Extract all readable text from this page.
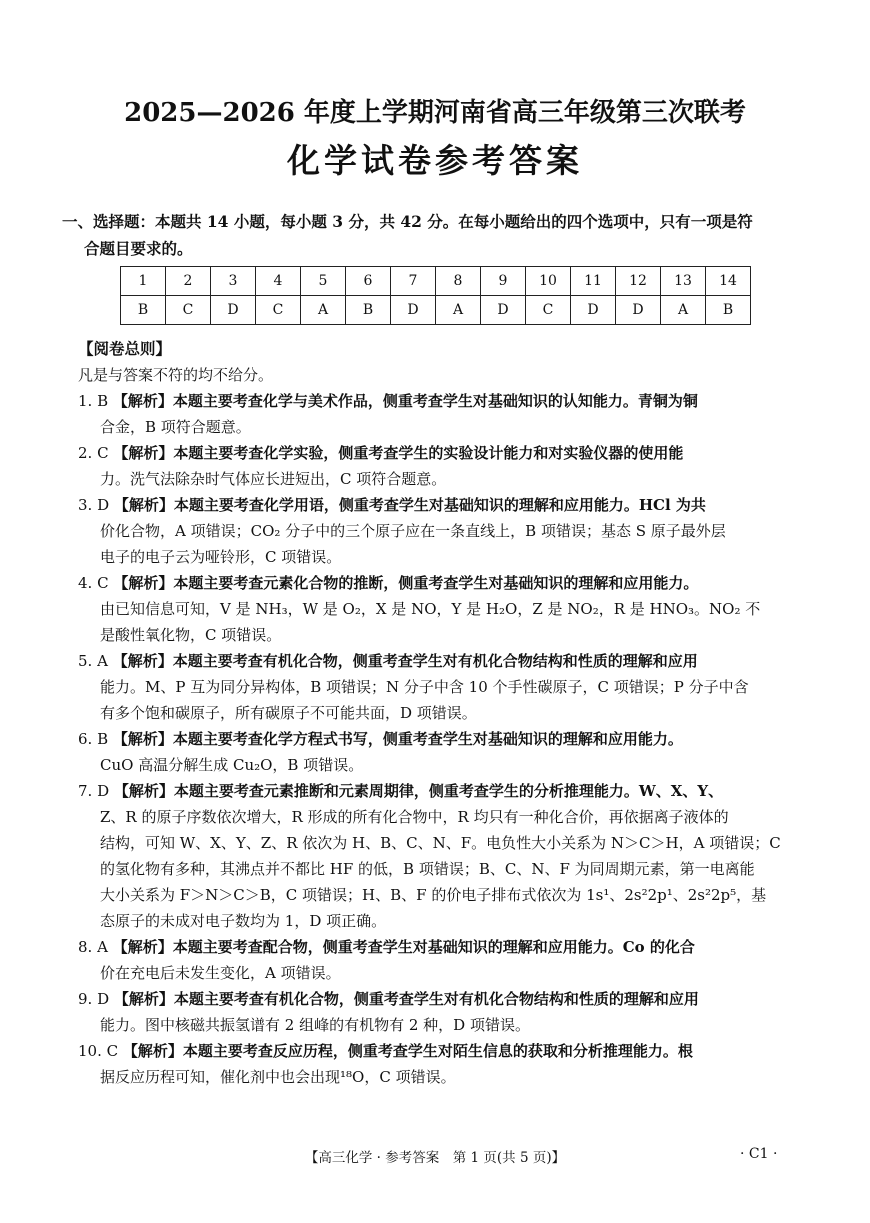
2025—2026 年度上学期河南省高三年级第三次联考
化学试卷参考答案
一、选择题：本题共 14 小题，每小题 3 分，共 42 分。在每小题给出的四个选项中，只有一项是符
合题目要求的。
1	2	3	4	5	6	7	8	9	10	11	12	13	14
B	C	D	C	A	B	D	A	D	C	D	D	A	B
【阅卷总则】
凡是与答案不符的均不给分。
1. B 【解析】本题主要考查化学与美术作品，侧重考查学生对基础知识的认知能力。青铜为铜
合金，B 项符合题意。
2. C 【解析】本题主要考查化学实验，侧重考查学生的实验设计能力和对实验仪器的使用能
力。洗气法除杂时气体应长进短出，C 项符合题意。
3. D 【解析】本题主要考查化学用语，侧重考查学生对基础知识的理解和应用能力。HCl 为共
价化合物，A 项错误；CO₂ 分子中的三个原子应在一条直线上，B 项错误；基态 S 原子最外层
电子的电子云为哑铃形，C 项错误。
4. C 【解析】本题主要考查元素化合物的推断，侧重考查学生对基础知识的理解和应用能力。
由已知信息可知，V 是 NH₃，W 是 O₂，X 是 NO，Y 是 H₂O，Z 是 NO₂，R 是 HNO₃。NO₂ 不
是酸性氧化物，C 项错误。
5. A 【解析】本题主要考查有机化合物，侧重考查学生对有机化合物结构和性质的理解和应用
能力。M、P 互为同分异构体，B 项错误；N 分子中含 10 个手性碳原子，C 项错误；P 分子中含
有多个饱和碳原子，所有碳原子不可能共面，D 项错误。
6. B 【解析】本题主要考查化学方程式书写，侧重考查学生对基础知识的理解和应用能力。
CuO 高温分解生成 Cu₂O，B 项错误。
7. D 【解析】本题主要考查元素推断和元素周期律，侧重考查学生的分析推理能力。W、X、Y、
Z、R 的原子序数依次增大，R 形成的所有化合物中，R 均只有一种化合价，再依据离子液体的
结构，可知 W、X、Y、Z、R 依次为 H、B、C、N、F。电负性大小关系为 N＞C＞H，A 项错误；C
的氢化物有多种，其沸点并不都比 HF 的低，B 项错误；B、C、N、F 为同周期元素，第一电离能
大小关系为 F＞N＞C＞B，C 项错误；H、B、F 的价电子排布式依次为 1s¹、2s²2p¹、2s²2p⁵，基
态原子的未成对电子数均为 1，D 项正确。
8. A 【解析】本题主要考查配合物，侧重考查学生对基础知识的理解和应用能力。Co 的化合
价在充电后未发生变化，A 项错误。
9. D 【解析】本题主要考查有机化合物，侧重考查学生对有机化合物结构和性质的理解和应用
能力。图中核磁共振氢谱有 2 组峰的有机物有 2 种，D 项错误。
10. C 【解析】本题主要考查反应历程，侧重考查学生对陌生信息的获取和分析推理能力。根
据反应历程可知，催化剂中也会出现¹⁸O，C 项错误。
【高三化学 · 参考答案　第 1 页(共 5 页)】	· C1 ·
